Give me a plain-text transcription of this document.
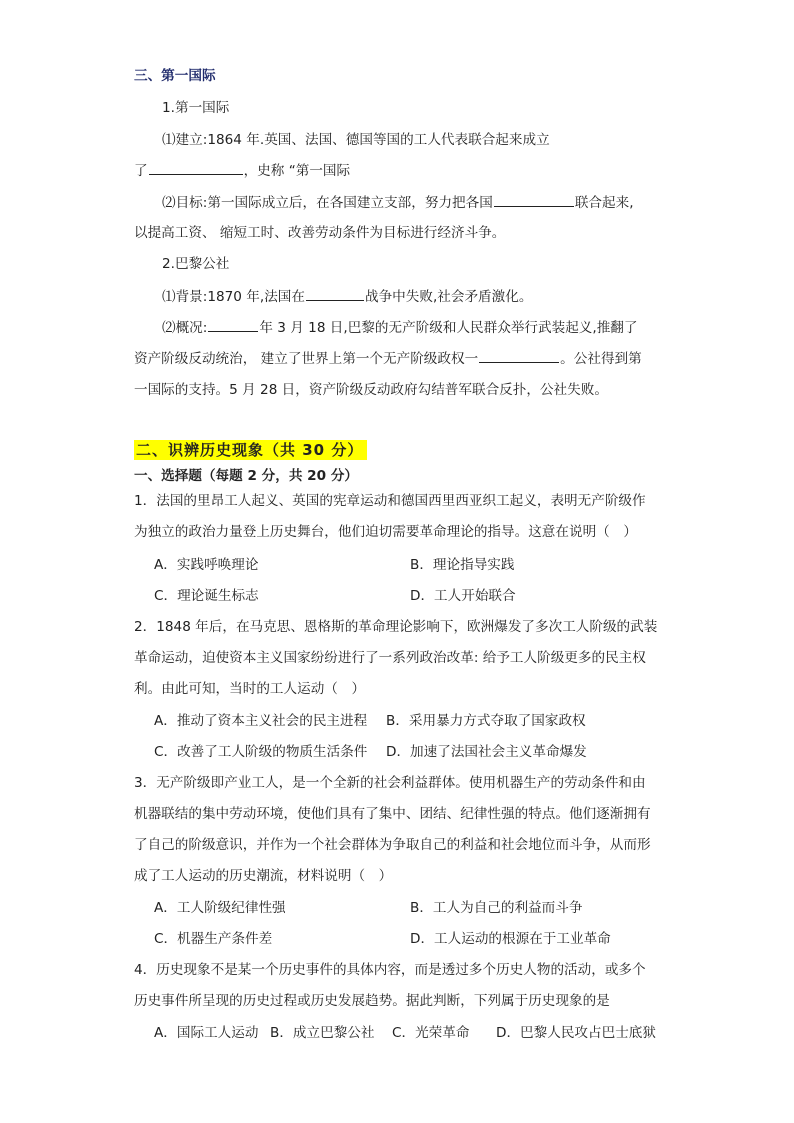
三、第一国际
1.第一国际
⑴建立:1864 年.英国、法国、德国等国的工人代表联合起来成立
了	，史称 “第一国际
⑵目标:第一国际成立后，在各国建立支部，努力把各国	联合起来,
以提高工资、 缩短工时、改善劳动条件为目标进行经济斗争。
2.巴黎公社
⑴背景:1870 年,法国在	战争中失败,社会矛盾激化。
⑵概况:	年 3 月 18 日,巴黎的无产阶级和人民群众举行武装起义,推翻了
资产阶级反动统治， 建立了世界上第一个无产阶级政权一	。公社得到第
一国际的支持。5 月 28 日，资产阶级反动政府勾结普军联合反扑，公社失败。
二、识辨历史现象（共 30 分）
一、选择题（每题 2 分，共 20 分）
1．法国的里昂工人起义、英国的宪章运动和德国西里西亚织工起义，表明无产阶级作
为独立的政治力量登上历史舞台，他们迫切需要革命理论的指导。这意在说明（　）
A．实践呼唤理论	B．理论指导实践
C．理论诞生标志	D．工人开始联合
2．1848 年后，在马克思、恩格斯的革命理论影响下，欧洲爆发了多次工人阶级的武装
革命运动，迫使资本主义国家纷纷进行了一系列政治改革: 给予工人阶级更多的民主权
利。由此可知，当时的工人运动（　）
A．推动了资本主义社会的民主进程 B．采用暴力方式夺取了国家政权
C．改善了工人阶级的物质生活条件 D．加速了法国社会主义革命爆发
3．无产阶级即产业工人，是一个全新的社会利益群体。使用机器生产的劳动条件和由
机器联结的集中劳动环境，使他们具有了集中、团结、纪律性强的特点。他们逐渐拥有
了自己的阶级意识，并作为一个社会群体为争取自己的利益和社会地位而斗争，从而形
成了工人运动的历史潮流，材料说明（　）
A．工人阶级纪律性强	B．工人为自己的利益而斗争
C．机器生产条件差	D．工人运动的根源在于工业革命
4．历史现象不是某一个历史事件的具体内容，而是透过多个历史人物的活动，或多个
历史事件所呈现的历史过程或历史发展趋势。据此判断，下列属于历史现象的是
A．国际工人运动 B．成立巴黎公社 C．光荣革命 D．巴黎人民攻占巴士底狱
